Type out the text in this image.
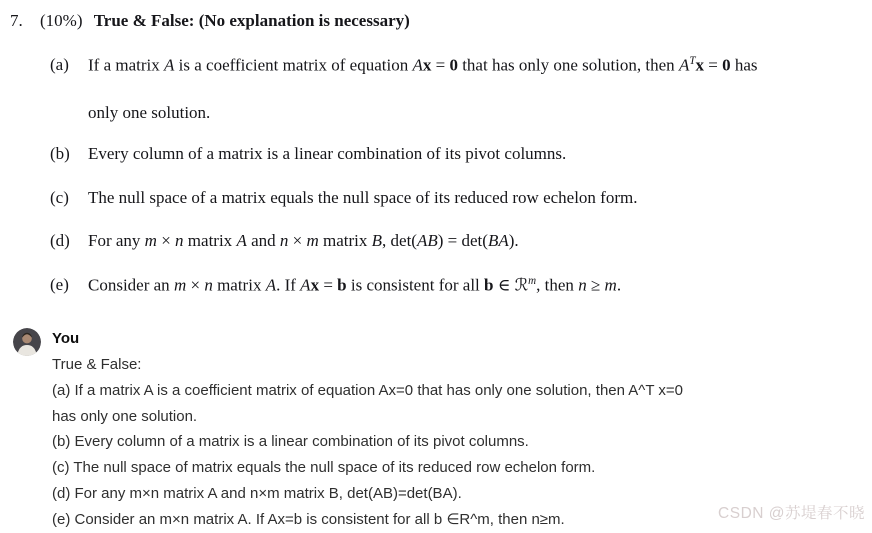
7. (10%) True & False: (No explanation is necessary)
(a)	If a matrix A is a coefficient matrix of equation Ax = 0 that has only one solution, then $A^Tx = 0$ has
only one solution.
(b)	Every column of a matrix is a linear combination of its pivot columns.
(c)	The null space of a matrix equals the null space of its reduced row echelon form.
(d)	For any m × n matrix A and n × m matrix B, det(AB) = det(BA).
(e)	Consider an m × n matrix A. If Ax = b is consistent for all b ∈ ℛ$^m$, then n ≥ m.
You
True & False:
(a) If a matrix A is a coefficient matrix of equation Ax=0 that has only one solution, then A^T x=0
has only one solution.
(b) Every column of a matrix is a linear combination of its pivot columns.
(c) The null space of matrix equals the null space of its reduced row echelon form.
(d) For any m×n matrix A and n×m matrix B, det(AB)=det(BA).
(e) Consider an m×n matrix A. If Ax=b is consistent for all b ∈R^m, then n≥m.	CSDN @苏堤春不晓
